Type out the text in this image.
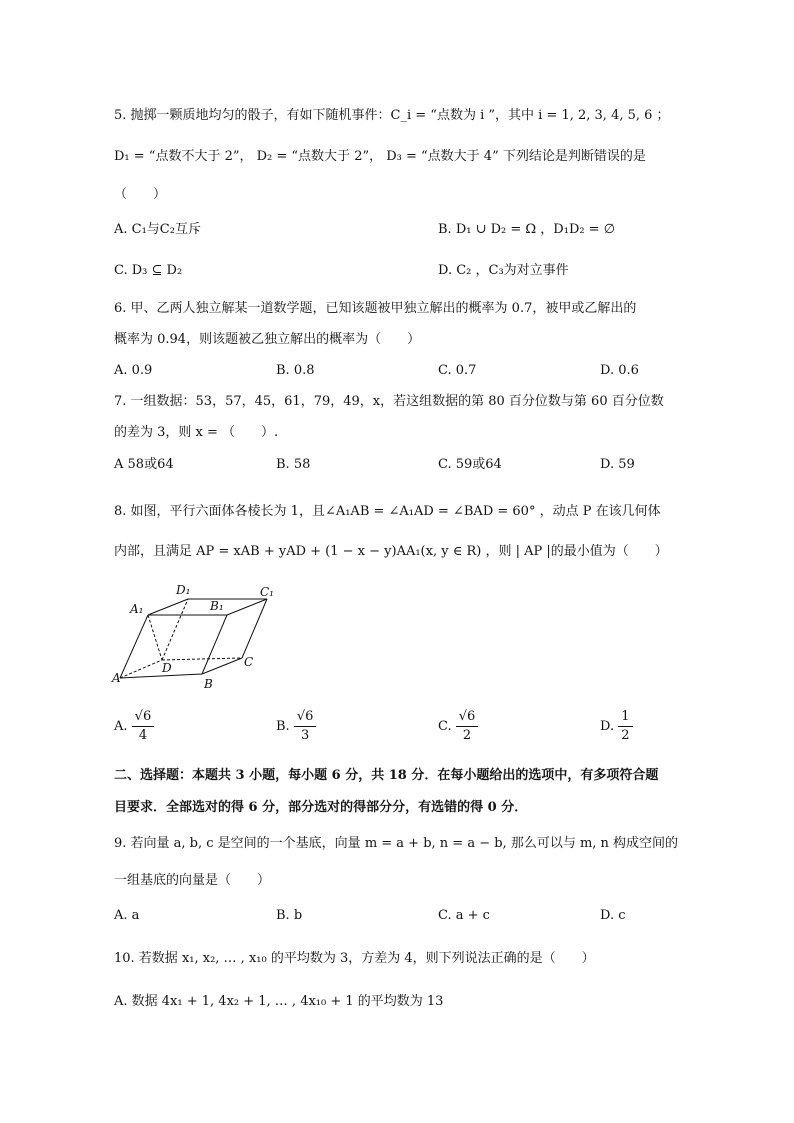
5. 抛掷一颗质地均匀的骰子，有如下随机事件：C_i = “点数为 i ”，其中 i = 1, 2, 3, 4, 5, 6 ；
D₁ = “点数不大于 2”， D₂ = “点数大于 2”， D₃ = “点数大于 4” 下列结论是判断错误的是
（　　）
A. C₁与C₂互斥	B. D₁ ∪ D₂ = Ω ，D₁D₂ = ∅
C. D₃ ⊆ D₂	D. C₂ ，C₃为对立事件
6. 甲、乙两人独立解某一道数学题，已知该题被甲独立解出的概率为 0.7，被甲或乙解出的
概率为 0.94，则该题被乙独立解出的概率为（　　）
A. 0.9	B. 0.8	C. 0.7	D. 0.6
7. 一组数据：53，57，45，61，79，49，x，若这组数据的第 80 百分位数与第 60 百分位数
的差为 3，则 x = （　　）.
A 58或64	B. 58	C. 59或64	D. 59
8. 如图，平行六面体各棱长为 1，且∠A₁AB = ∠A₁AD = ∠BAD = 60° ，动点 P 在该几何体
内部，且满足 AP = xAB + yAD + (1 − x − y)AA₁(x, y ∈ R) ，则 | AP |的最小值为（　　）
A	B
C
D
A₁	B₁
C₁
D₁
A. $\frac{√6}{4}$	B. $\frac{√6}{3}$	C. $\frac{√6}{2}$	D. $\frac{1}{2}$
二、选择题：本题共 3 小题，每小题 6 分，共 18 分．在每小题给出的选项中，有多项符合题
目要求．全部选对的得 6 分，部分选对的得部分分，有选错的得 0 分．
9. 若向量 a, b, c 是空间的一个基底，向量 m = a + b, n = a − b, 那么可以与 m, n 构成空间的
一组基底的向量是（　　）
A. a	B. b	C. a + c	D. c
10. 若数据 x₁, x₂, … , x₁₀ 的平均数为 3，方差为 4，则下列说法正确的是（　　）
A. 数据 4x₁ + 1, 4x₂ + 1, … , 4x₁₀ + 1 的平均数为 13
